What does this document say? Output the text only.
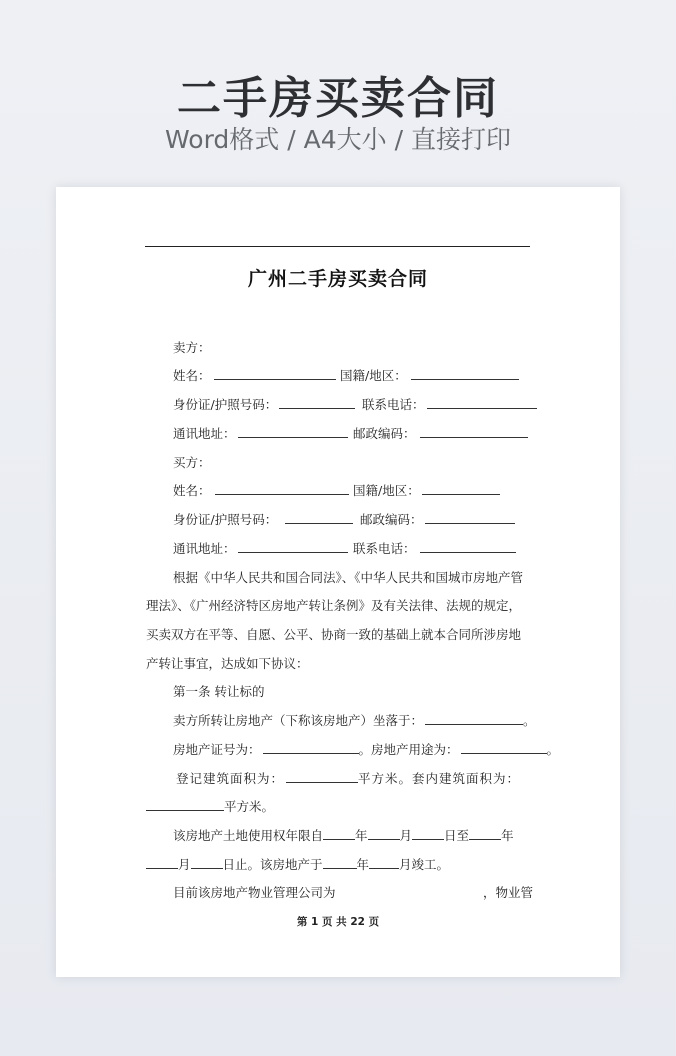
二手房买卖合同
Word格式 / A4大小 / 直接打印
广州二手房买卖合同
卖方：
姓名：	国籍/地区：
身份证/护照号码：	联系电话：
通讯地址：	邮政编码：
买方：
姓名：	国籍/地区：
身份证/护照号码：	邮政编码：
通讯地址：	联系电话：
根据《中华人民共和国合同法》、《中华人民共和国城市房地产管
理法》、《广州经济特区房地产转让条例》及有关法律、法规的规定，
买卖双方在平等、自愿、公平、协商一致的基础上就本合同所涉房地
产转让事宜，达成如下协议：
第一条 转让标的
卖方所转让房地产（下称该房地产）坐落于：	。
房地产证号为：	。房地产用途为：	。
登记建筑面积为：	平方米。套内建筑面积为：
平方米。
该房地产土地使用权年限自	年	月	日至	年
月	日止。该房地产于	年 月竣工。
目前该房地产物业管理公司为	，物业管
第 1 页 共 22 页
